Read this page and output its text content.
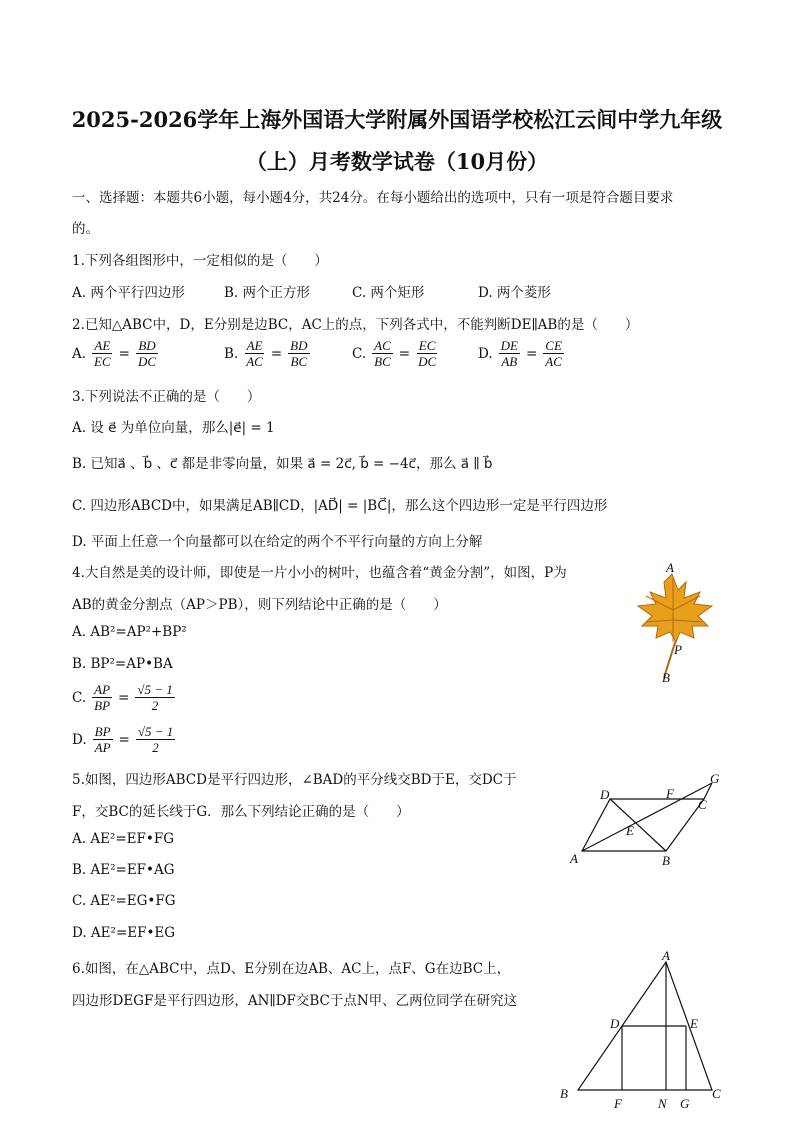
2025-2026学年上海外国语大学附属外国语学校松江云间中学九年级
（上）月考数学试卷（10月份）
一、选择题：本题共6小题，每小题4分，共24分。在每小题给出的选项中，只有一项是符合题目要求
的。
1.下列各组图形中，一定相似的是（　　）
A. 两个平行四边形	B. 两个正方形	C. 两个矩形	D. 两个菱形
2.已知△ABC中，D，E分别是边BC，AC上的点，下列各式中，不能判断DE∥AB的是（　　）
A. $\frac{AE}{EC} = \frac{BD}{DC}$	B. $\frac{AE}{AC} = \frac{BD}{BC}$	C. $\frac{AC}{BC} = \frac{EC}{DC}$	D. $\frac{DE}{AB} = \frac{CE}{AC}$
3.下列说法不正确的是（　　）
A. 设 e⃗ 为单位向量，那么|e⃗| = 1
B. 已知a⃗ 、b⃗ 、c⃗ 都是非零向量，如果 a⃗ = 2c⃗, b⃗ = −4c⃗，那么 a⃗ ∥ b⃗
C. 四边形ABCD中，如果满足AB∥CD，|AD⃗| = |BC⃗|，那么这个四边形一定是平行四边形
D. 平面上任意一个向量都可以在给定的两个不平行向量的方向上分解
4.大自然是美的设计师，即使是一片小小的树叶，也蕴含着“黄金分割”，如图，P为
AB的黄金分割点（AP＞PB），则下列结论中正确的是（　　）
A. AB²=AP²+BP²
B. BP²=AP•BA
C. $\frac{AP}{BP} = \frac{√5 - 1}{2}$
D. $\frac{BP}{AP} = \frac{√5 - 1}{2}$
A
P
B
5.如图，四边形ABCD是平行四边形，∠BAD的平分线交BD于E，交DC于
F，交BC的延长线于G．那么下列结论正确的是（　　）
A. AE²=EF•FG
B. AE²=EF•AG
C. AE²=EG•FG
D. AE²=EF•EG
A	B
C
D
E
F
G
6.如图，在△ABC中，点D、E分别在边AB、AC上，点F、G在边BC上，
四边形DEGF是平行四边形，AN∥DF交BC于点N甲、乙两位同学在研究这
A
B	C
D	E
F	N G
